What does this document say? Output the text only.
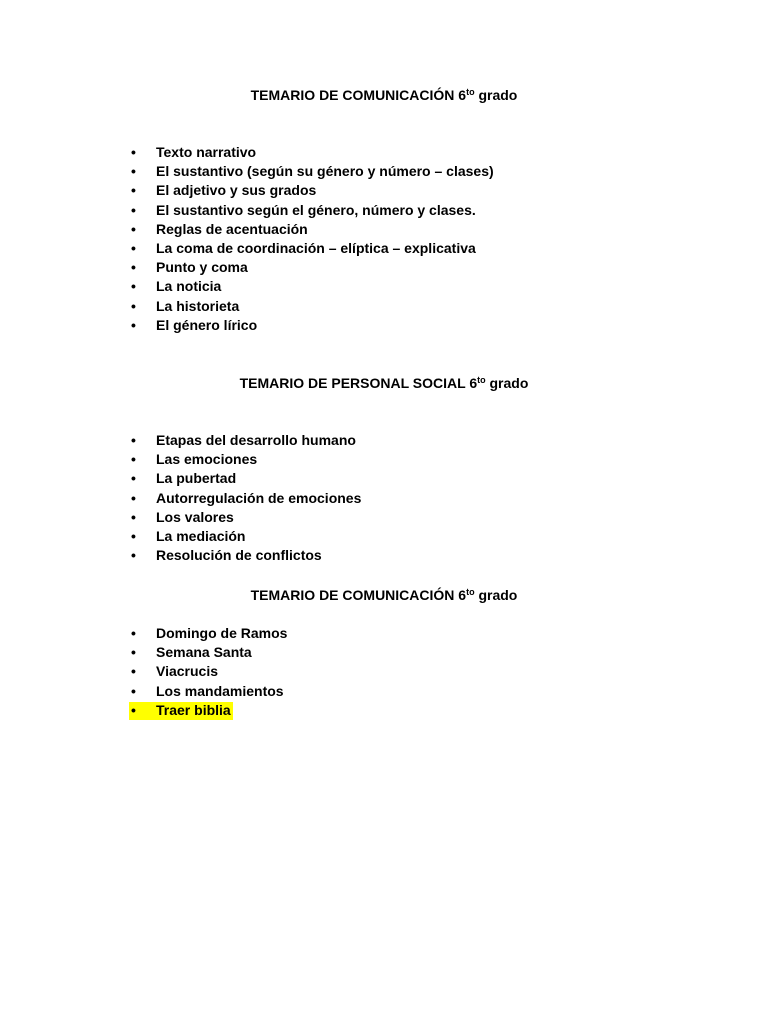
TEMARIO DE COMUNICACIÓN $6^{to}$ grado
• Texto narrativo
• El sustantivo (según su género y número – clases)
• El adjetivo y sus grados
• El sustantivo según el género, número y clases.
• Reglas de acentuación
• La coma de coordinación – elíptica – explicativa
• Punto y coma
• La noticia
• La historieta
• El género lírico
TEMARIO DE PERSONAL SOCIAL $6^{to}$ grado
• Etapas del desarrollo humano
• Las emociones
• La pubertad
• Autorregulación de emociones
• Los valores
• La mediación
• Resolución de conflictos
TEMARIO DE COMUNICACIÓN $6^{to}$ grado
• Domingo de Ramos
• Semana Santa
• Viacrucis
• Los mandamientos
• Traer biblia
